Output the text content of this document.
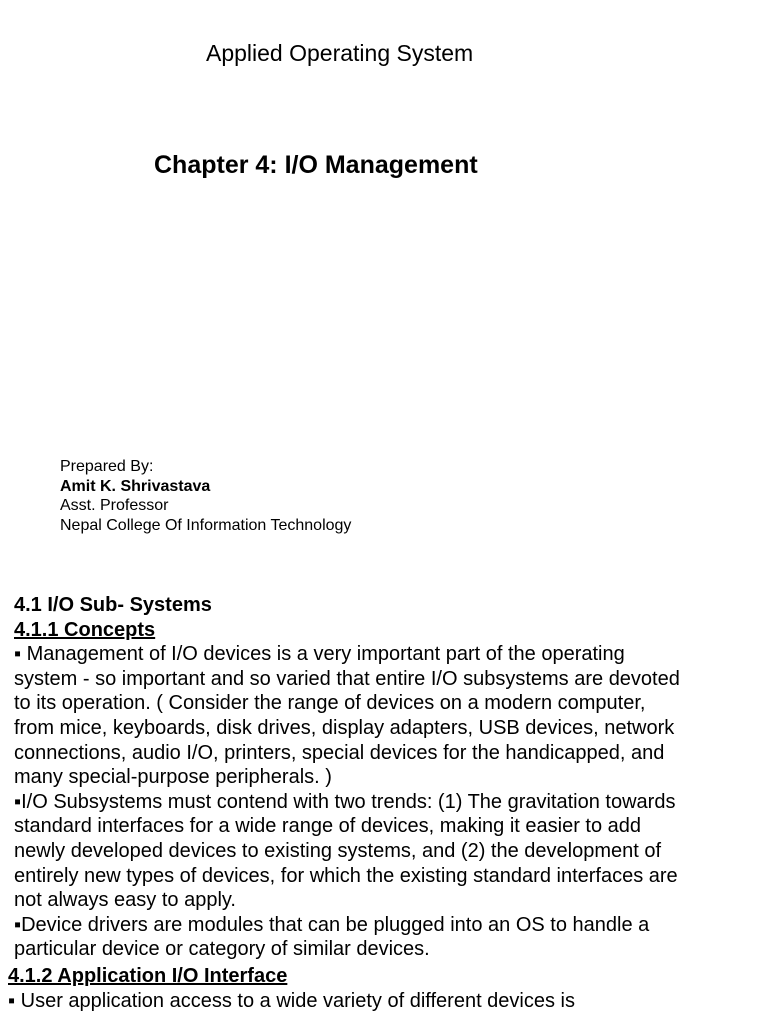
Applied Operating System
Chapter 4: I/O Management
Prepared By:
Amit K. Shrivastava
Asst. Professor
Nepal College Of Information Technology
4.1 I/O Sub- Systems
4.1.1 Concepts
▪ Management of I/O devices is a very important part of the operating
system - so important and so varied that entire I/O subsystems are devoted
to its operation. ( Consider the range of devices on a modern computer,
from mice, keyboards, disk drives, display adapters, USB devices, network
connections, audio I/O, printers, special devices for the handicapped, and
many special-purpose peripherals. )
▪I/O Subsystems must contend with two trends: (1) The gravitation towards
standard interfaces for a wide range of devices, making it easier to add
newly developed devices to existing systems, and (2) the development of
entirely new types of devices, for which the existing standard interfaces are
not always easy to apply.
▪Device drivers are modules that can be plugged into an OS to handle a
particular device or category of similar devices.
4.1.2 Application I/O Interface
▪ User application access to a wide variety of different devices is
